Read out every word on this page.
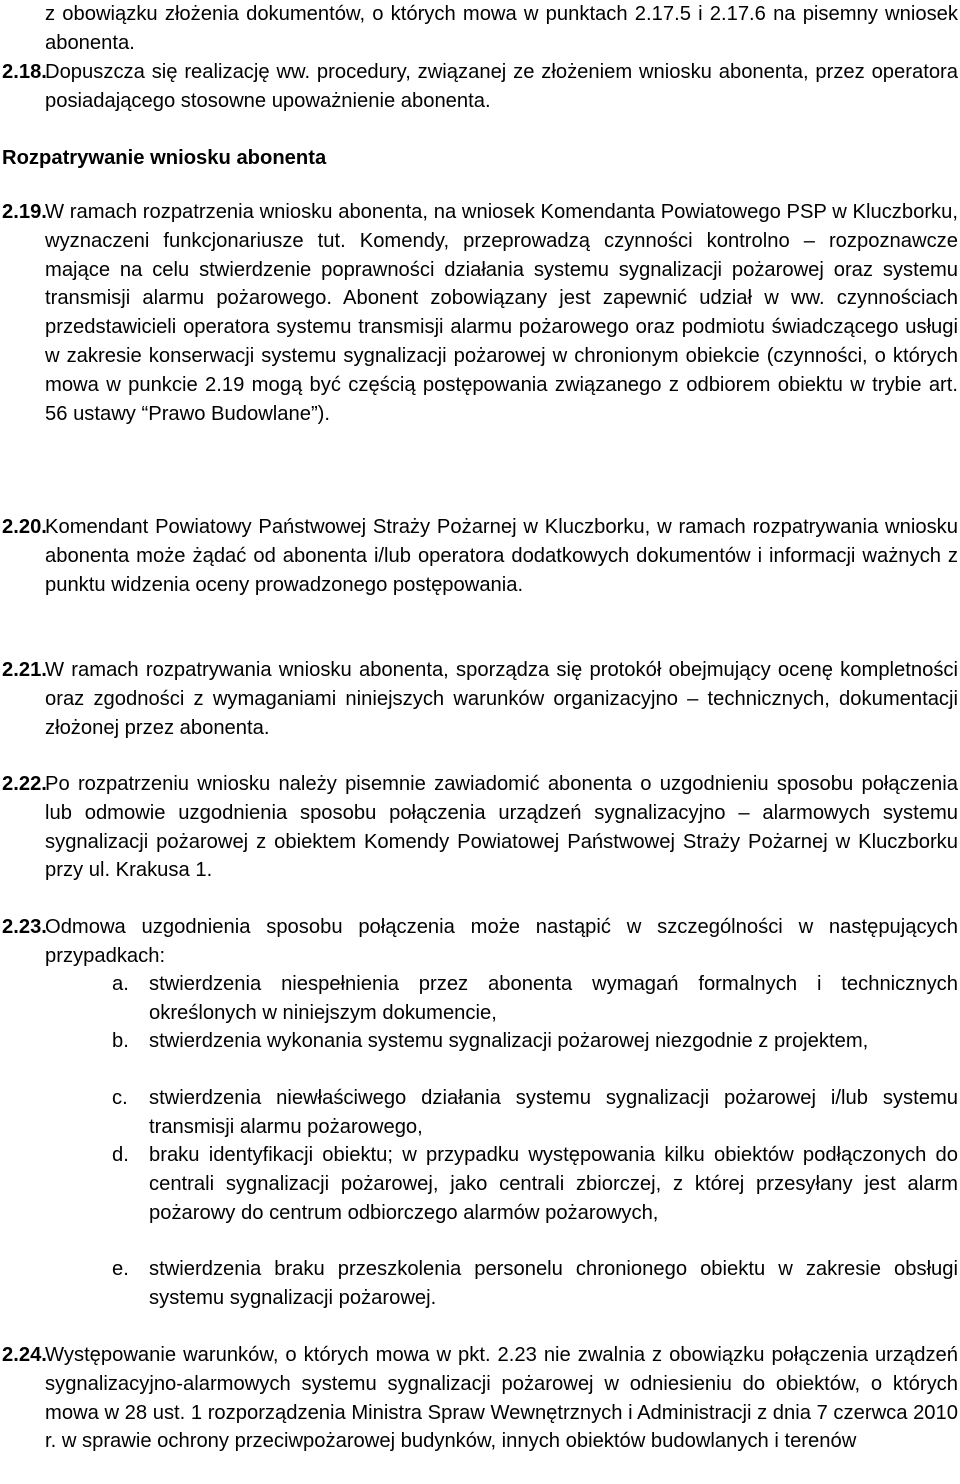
z obowiązku złożenia dokumentów, o których mowa w punktach 2.17.5 i 2.17.6 na pisemny wniosek abonenta.
2.18.
Dopuszcza się realizację ww. procedury, związanej ze złożeniem wniosku abonenta, przez operatora posiadającego stosowne upoważnienie abonenta.
Rozpatrywanie wniosku abonenta
2.19.
W ramach rozpatrzenia wniosku abonenta, na wniosek Komendanta Powiatowego PSP w Kluczborku, wyznaczeni funkcjonariusze tut. Komendy, przeprowadzą czynności kontrolno – rozpoznawcze mające na celu stwierdzenie poprawności działania systemu sygnalizacji pożarowej oraz systemu transmisji alarmu pożarowego. Abonent zobowiązany jest zapewnić udział w ww. czynnościach przedstawicieli operatora systemu transmisji alarmu pożarowego oraz podmiotu świadczącego usługi w zakresie konserwacji systemu sygnalizacji pożarowej w chronionym obiekcie (czynności, o których mowa w punkcie 2.19 mogą być częścią postępowania związanego z odbiorem obiektu w trybie art. 56 ustawy “Prawo Budowlane”).
2.20.
Komendant Powiatowy Państwowej Straży Pożarnej w Kluczborku, w ramach rozpatrywania wniosku abonenta może żądać od abonenta i/lub operatora dodatkowych dokumentów i informacji ważnych z punktu widzenia oceny prowadzonego postępowania.
2.21.
W ramach rozpatrywania wniosku abonenta, sporządza się protokół obejmujący ocenę kompletności oraz zgodności z wymaganiami niniejszych warunków organizacyjno – technicznych, dokumentacji złożonej przez abonenta.
2.22.
Po rozpatrzeniu wniosku należy pisemnie zawiadomić abonenta o uzgodnieniu sposobu połączenia lub odmowie uzgodnienia sposobu połączenia urządzeń sygnalizacyjno – alarmowych systemu sygnalizacji pożarowej z obiektem Komendy Powiatowej Państwowej Straży Pożarnej w Kluczborku przy ul. Krakusa 1.
2.23.
Odmowa uzgodnienia sposobu połączenia może nastąpić w szczególności w następujących przypadkach:
a. stwierdzenia niespełnienia przez abonenta wymagań formalnych i technicznych określonych w niniejszym dokumencie,
b. stwierdzenia wykonania systemu sygnalizacji pożarowej niezgodnie z projektem,
c. stwierdzenia niewłaściwego działania systemu sygnalizacji pożarowej i/lub systemu transmisji alarmu pożarowego,
d. braku identyfikacji obiektu; w przypadku występowania kilku obiektów podłączonych do centrali sygnalizacji pożarowej, jako centrali zbiorczej, z której przesyłany jest alarm pożarowy do centrum odbiorczego alarmów pożarowych,
e. stwierdzenia braku przeszkolenia personelu chronionego obiektu w zakresie obsługi systemu sygnalizacji pożarowej.
2.24.
Występowanie warunków, o których mowa w pkt. 2.23 nie zwalnia z obowiązku połączenia urządzeń sygnalizacyjno-alarmowych systemu sygnalizacji pożarowej w odniesieniu do obiektów, o których mowa w 28 ust. 1 rozporządzenia Ministra Spraw Wewnętrznych i Administracji z dnia 7 czerwca 2010 r. w sprawie ochrony przeciwpożarowej budynków, innych obiektów budowlanych i terenów
